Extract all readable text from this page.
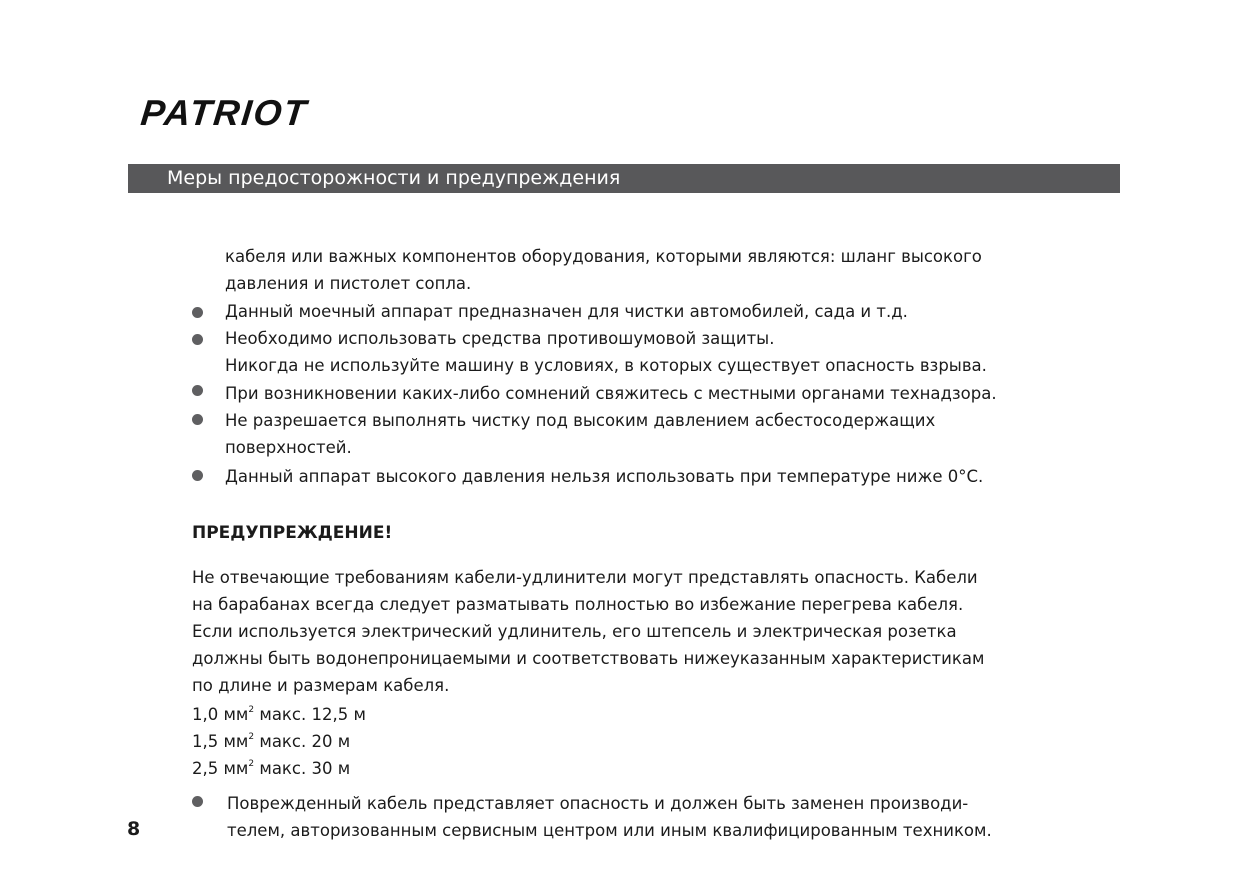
PATRIOT
Меры предосторожности и предупреждения
кабеля или важных компонентов оборудования, которыми являются: шланг высокого
давления и пистолет сопла.
Данный моечный аппарат предназначен для чистки автомобилей, сада и т.д.
Необходимо использовать средства противошумовой защиты.
Никогда не используйте машину в условиях, в которых существует опасность взрыва.
При возникновении каких-либо сомнений свяжитесь с местными органами технадзора.
Не разрешается выполнять чистку под высоким давлением асбестосодержащих
поверхностей.
Данный аппарат высокого давления нельзя использовать при температуре ниже 0°C.
ПРЕДУПРЕЖДЕНИЕ!
Не отвечающие требованиям кабели-удлинители могут представлять опасность. Кабели
на барабанах всегда следует разматывать полностью во избежание перегрева кабеля.
Если используется электрический удлинитель, его штепсель и электрическая розетка
должны быть водонепроницаемыми и соответствовать нижеуказанным характеристикам
по длине и размерам кабеля.
1,0 $мм^2$ макс. 12,5 м
1,5 $мм^2$ макс. 20 м
2,5 $мм^2$ макс. 30 м
Поврежденный кабель представляет опасность и должен быть заменен производи-
телем, авторизованным сервисным центром или иным квалифицированным техником.
8
